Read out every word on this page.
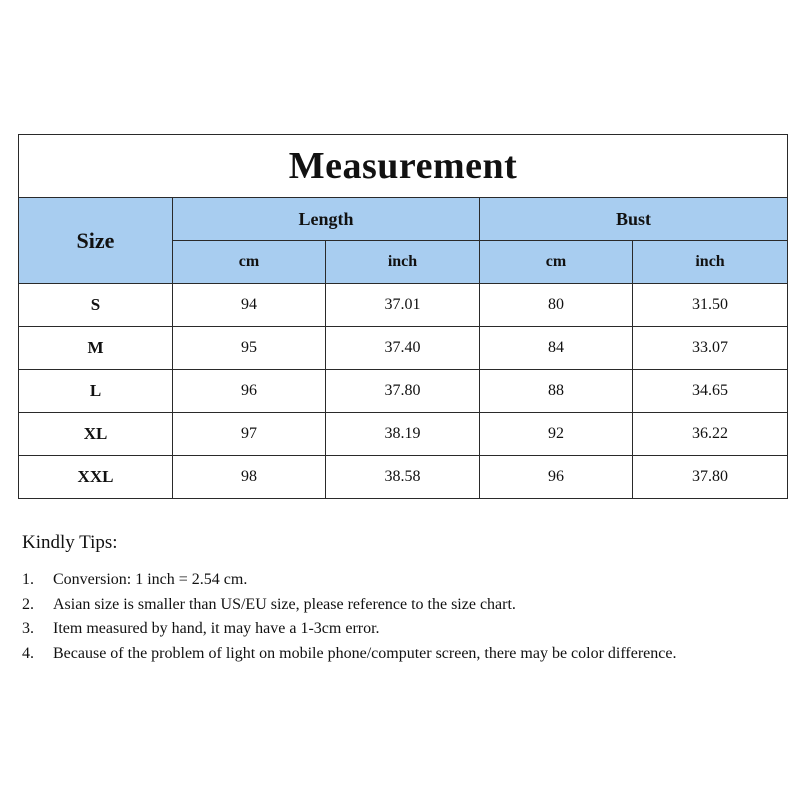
Measurement				
Size	Length		Bust	
	cm	inch	cm	inch
S	94	37.01	80	31.50
M	95	37.40	84	33.07
L	96	37.80	88	34.65
XL	97	38.19	92	36.22
XXL	98	38.58	96	37.80

Kindly Tips:

1.	Conversion: 1 inch = 2.54 cm.
2.	Asian size is smaller than US/EU size, please reference to the size chart.
3.	Item measured by hand, it may have a 1-3cm error.
4.	Because of the problem of light on mobile phone/computer screen, there may be color difference.
